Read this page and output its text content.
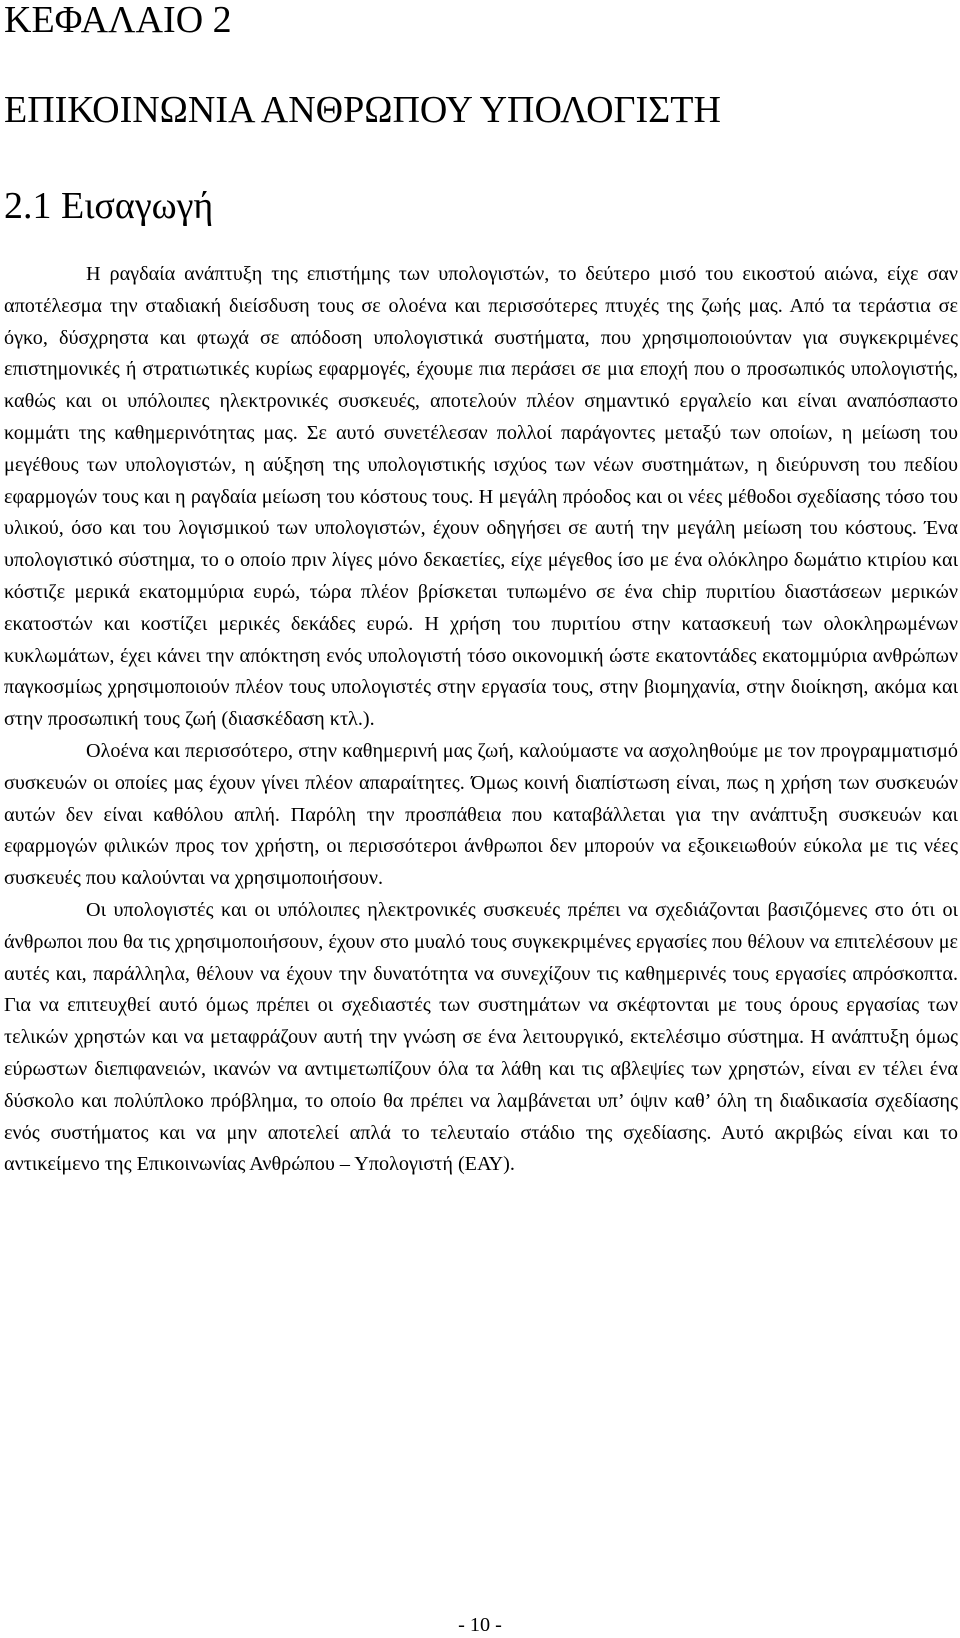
ΚΕΦΑΛΑΙΟ 2
ΕΠΙΚΟΙΝΩΝΙΑ ΑΝΘΡΩΠΟΥ ΥΠΟΛΟΓΙΣΤΗ
2.1 Εισαγωγή

Η ραγδαία ανάπτυξη της επιστήμης των υπολογιστών, το δεύτερο μισό του εικοστού αιώνα, είχε σαν αποτέλεσμα την σταδιακή διείσδυση τους σε ολοένα και περισσότερες πτυχές της ζωής μας. Από τα τεράστια σε όγκο, δύσχρηστα και φτωχά σε απόδοση υπολογιστικά συστήματα, που χρησιμοποιούνταν για συγκεκριμένες επιστημονικές ή στρατιωτικές κυρίως εφαρμογές, έχουμε πια περάσει σε μια εποχή που ο προσωπικός υπολογιστής, καθώς και οι υπόλοιπες ηλεκτρονικές συσκευές, αποτελούν πλέον σημαντικό εργαλείο και είναι αναπόσπαστο κομμάτι της καθημερινότητας μας. Σε αυτό συνετέλεσαν πολλοί παράγοντες μεταξύ των οποίων, η μείωση του μεγέθους των υπολογιστών, η αύξηση της υπολογιστικής ισχύος των νέων συστημάτων, η διεύρυνση του πεδίου εφαρμογών τους και η ραγδαία μείωση του κόστους τους. Η μεγάλη πρόοδος και οι νέες μέθοδοι σχεδίασης τόσο του υλικού, όσο και του λογισμικού των υπολογιστών, έχουν οδηγήσει σε αυτή την μεγάλη μείωση του κόστους. Ένα υπολογιστικό σύστημα, το ο οποίο πριν λίγες μόνο δεκαετίες, είχε μέγεθος ίσο με ένα ολόκληρο δωμάτιο κτιρίου και κόστιζε μερικά εκατομμύρια ευρώ, τώρα πλέον βρίσκεται τυπωμένο σε ένα chip πυριτίου διαστάσεων μερικών εκατοστών και κοστίζει μερικές δεκάδες ευρώ. Η χρήση του πυριτίου στην κατασκευή των ολοκληρωμένων κυκλωμάτων, έχει κάνει την απόκτηση ενός υπολογιστή τόσο οικονομική ώστε εκατοντάδες εκατομμύρια ανθρώπων παγκοσμίως χρησιμοποιούν πλέον τους υπολογιστές στην εργασία τους, στην βιομηχανία, στην διοίκηση, ακόμα και στην προσωπική τους ζωή (διασκέδαση κτλ.).

Ολοένα και περισσότερο, στην καθημερινή μας ζωή, καλούμαστε να ασχοληθούμε με τον προγραμματισμό συσκευών οι οποίες μας έχουν γίνει πλέον απαραίτητες. Όμως κοινή διαπίστωση είναι, πως η χρήση των συσκευών αυτών δεν είναι καθόλου απλή. Παρόλη την προσπάθεια που καταβάλλεται για την ανάπτυξη συσκευών και εφαρμογών φιλικών προς τον χρήστη, οι περισσότεροι άνθρωποι δεν μπορούν να εξοικειωθούν εύκολα με τις νέες συσκευές που καλούνται να χρησιμοποιήσουν.

Οι υπολογιστές και οι υπόλοιπες ηλεκτρονικές συσκευές πρέπει να σχεδιάζονται βασιζόμενες στο ότι οι άνθρωποι που θα τις χρησιμοποιήσουν, έχουν στο μυαλό τους συγκεκριμένες εργασίες που θέλουν να επιτελέσουν με αυτές και, παράλληλα, θέλουν να έχουν την δυνατότητα να συνεχίζουν τις καθημερινές τους εργασίες απρόσκοπτα. Για να επιτευχθεί αυτό όμως πρέπει οι σχεδιαστές των συστημάτων να σκέφτονται με τους όρους εργασίας των τελικών χρηστών και να μεταφράζουν αυτή την γνώση σε ένα λειτουργικό, εκτελέσιμο σύστημα. Η ανάπτυξη όμως εύρωστων διεπιφανειών, ικανών να αντιμετωπίζουν όλα τα λάθη και τις αβλεψίες των χρηστών, είναι εν τέλει ένα δύσκολο και πολύπλοκο πρόβλημα, το οποίο θα πρέπει να λαμβάνεται υπ’ όψιν καθ’ όλη τη διαδικασία σχεδίασης ενός συστήματος και να μην αποτελεί απλά το τελευταίο στάδιο της σχεδίασης. Αυτό ακριβώς είναι και το αντικείμενο της Επικοινωνίας Ανθρώπου – Υπολογιστή (ΕΑΥ).

- 10 -
